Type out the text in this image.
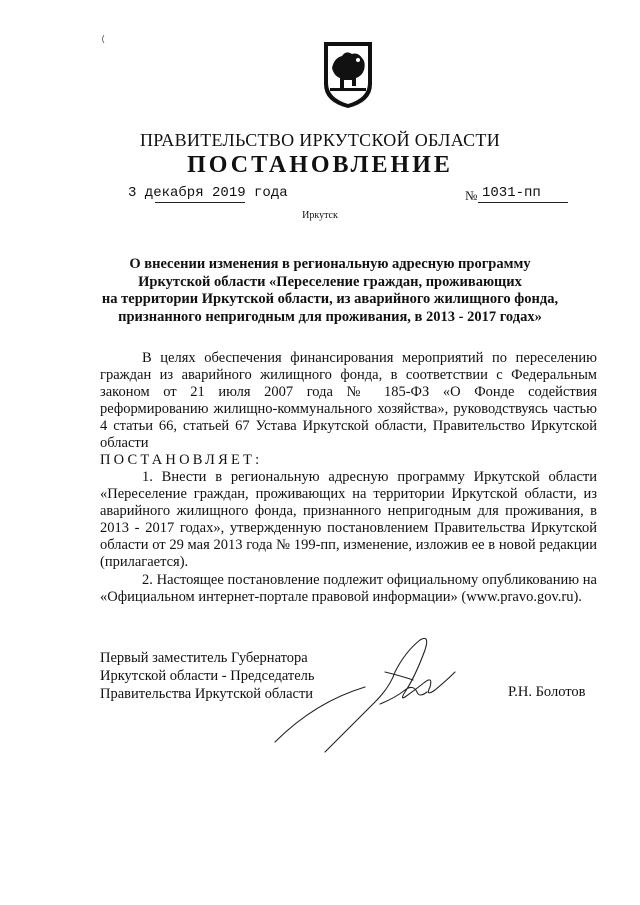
ПРАВИТЕЛЬСТВО ИРКУТСКОЙ ОБЛАСТИ
ПОСТАНОВЛЕНИЕ
3 декабря 2019 года	№ 1031-пп
Иркутск
О внесении изменения в региональную адресную программу
Иркутской области «Переселение граждан, проживающих
на территории Иркутской области, из аварийного жилищного фонда,
признанного непригодным для проживания, в 2013 - 2017 годах»

В целях обеспечения финансирования мероприятий по переселению граждан из аварийного жилищного фонда, в соответствии с Федеральным законом от 21 июля 2007 года № 185-ФЗ «О Фонде содействия реформированию жилищно-коммунального хозяйства», руководствуясь частью 4 статьи 66, статьей 67 Устава Иркутской области, Правительство Иркутской области

ПОСТАНОВЛЯЕТ:

1. Внести в региональную адресную программу Иркутской области «Переселение граждан, проживающих на территории Иркутской области, из аварийного жилищного фонда, признанного непригодным для проживания, в 2013 - 2017 годах», утвержденную постановлением Правительства Иркутской области от 29 мая 2013 года № 199-пп, изменение, изложив ее в новой редакции (прилагается).

2. Настоящее постановление подлежит официальному опубликованию на «Официальном интернет-портале правовой информации» (www.pravo.gov.ru).

Первый заместитель Губернатора
Иркутской области - Председатель
Правительства Иркутской области	Р.Н. Болотов
